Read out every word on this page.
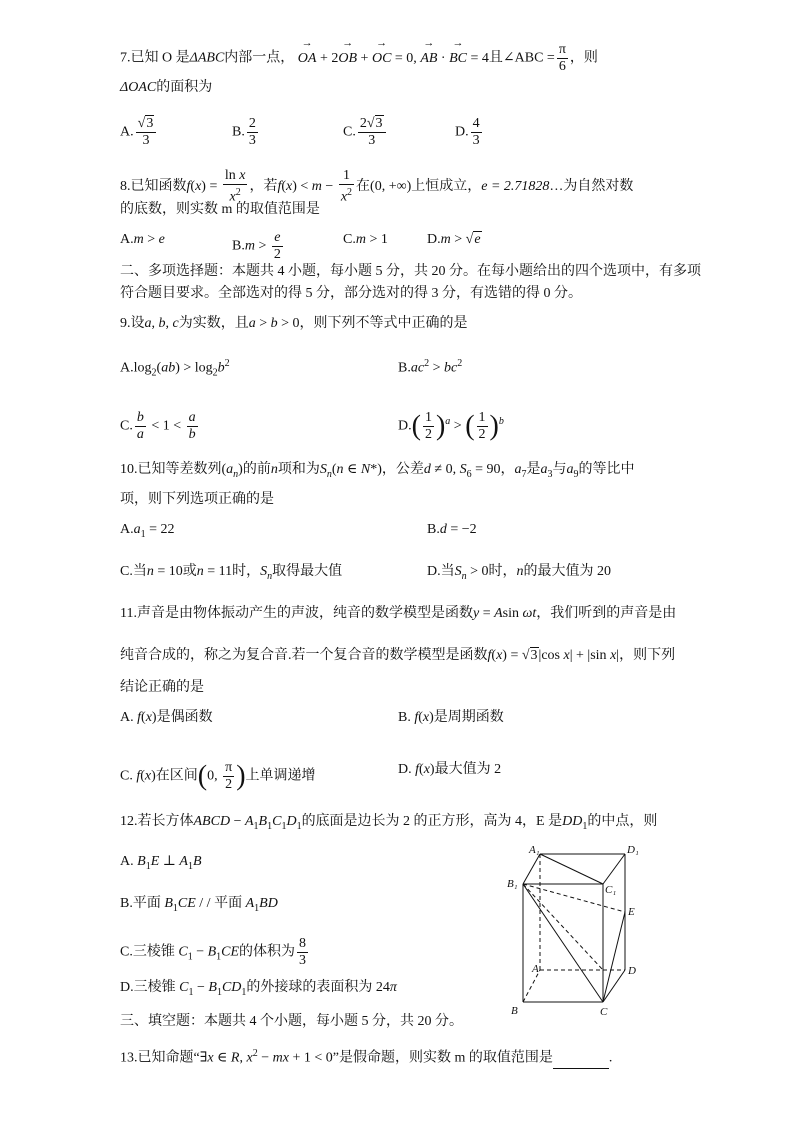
7.已知 O 是ΔABC内部一点， → OA + 2→ OB + → OC = 0, → AB · → BC = 4且∠ABC = $\frac{\pi}{6}$ ，则
ΔOAC的面积为
A. $\frac{√3}{3}$	B. $\frac{2}{3}$	C. $\frac{2√3}{3}$	D. $\frac{4}{3}$
8.已知函数$f(x) = \frac{\text{ln x}}{x^2}$ ，若$f(x) < m - \frac{1}{x^2}$ 在(0, +∞)上恒成立，e = 2.71828…为自然对数
的底数，则实数 m 的取值范围是
A.m > e	$B.m > \frac{e}{2}$	C.m > 1	D.m > √e
二、多项选择题：本题共 4 小题，每小题 5 分，共 20 分。在每小题给出的四个选项中，有多项
符合题目要求。全部选对的得 5 分，部分选对的得 3 分，有选错的得 0 分。
9.设a, b, c为实数，且a > b > 0，则下列不等式中正确的是
$A.\log_2(ab) > \log_2b^2$	$B.ac^2 > bc^2$
C. $\frac{b}{a} < 1 < \frac{a}{b}$	$D.( \frac{1}{2} )^a$ > ( $\frac{1}{2} )^b$
10.已知等差数列$(a_n)$的前n项和为$S_n(n$ ∈ N*)，公差d ≠ 0, $S_6 = 90$，$a_7$是$a_3$与$a_9$的等比中
项，则下列选项正确的是
$A.a_1 = 22$	B.d = −2
C.当n = 10或n = 11时，$S_n$取得最大值	D.当$S_n > 0$时，n的最大值为 20
11.声音是由物体振动产生的声波，纯音的数学模型是函数y = Asin ωt，我们听到的声音是由
纯音合成的，称之为复合音.若一个复合音的数学模型是函数f(x) = √3|cos x| + |sin x|，则下列
结论正确的是
A. f(x)是偶函数	B. f(x)是周期函数
C. f(x)在区间(0, $\frac{\pi}{2}$ )上单调递增	D. f(x)最大值为 2
12.若长方体ABCD − $A_1B_1C_1D_1$的底面是边长为 2 的正方形，高为 4，E 是$DD_1$的中点，则
A. $B_1E$ ⊥ $A_1B$
B.平面 $B_1CE$ / / 平面 $A_1BD$
C.三棱锥 $C_1 - B_1CE$的体积为 $\frac{8}{3}$
D.三棱锥 $C_1 - B_1CD_1$的外接球的表面积为 24π
A₁	D₁
B₁	C₁
E
A	D
B	C
三、填空题：本题共 4 个小题，每小题 5 分，共 20 分。
13.已知命题“∃x ∈ R, $x^2$ − mx + 1 < 0”是假命题，则实数 m 的取值范围是	.
